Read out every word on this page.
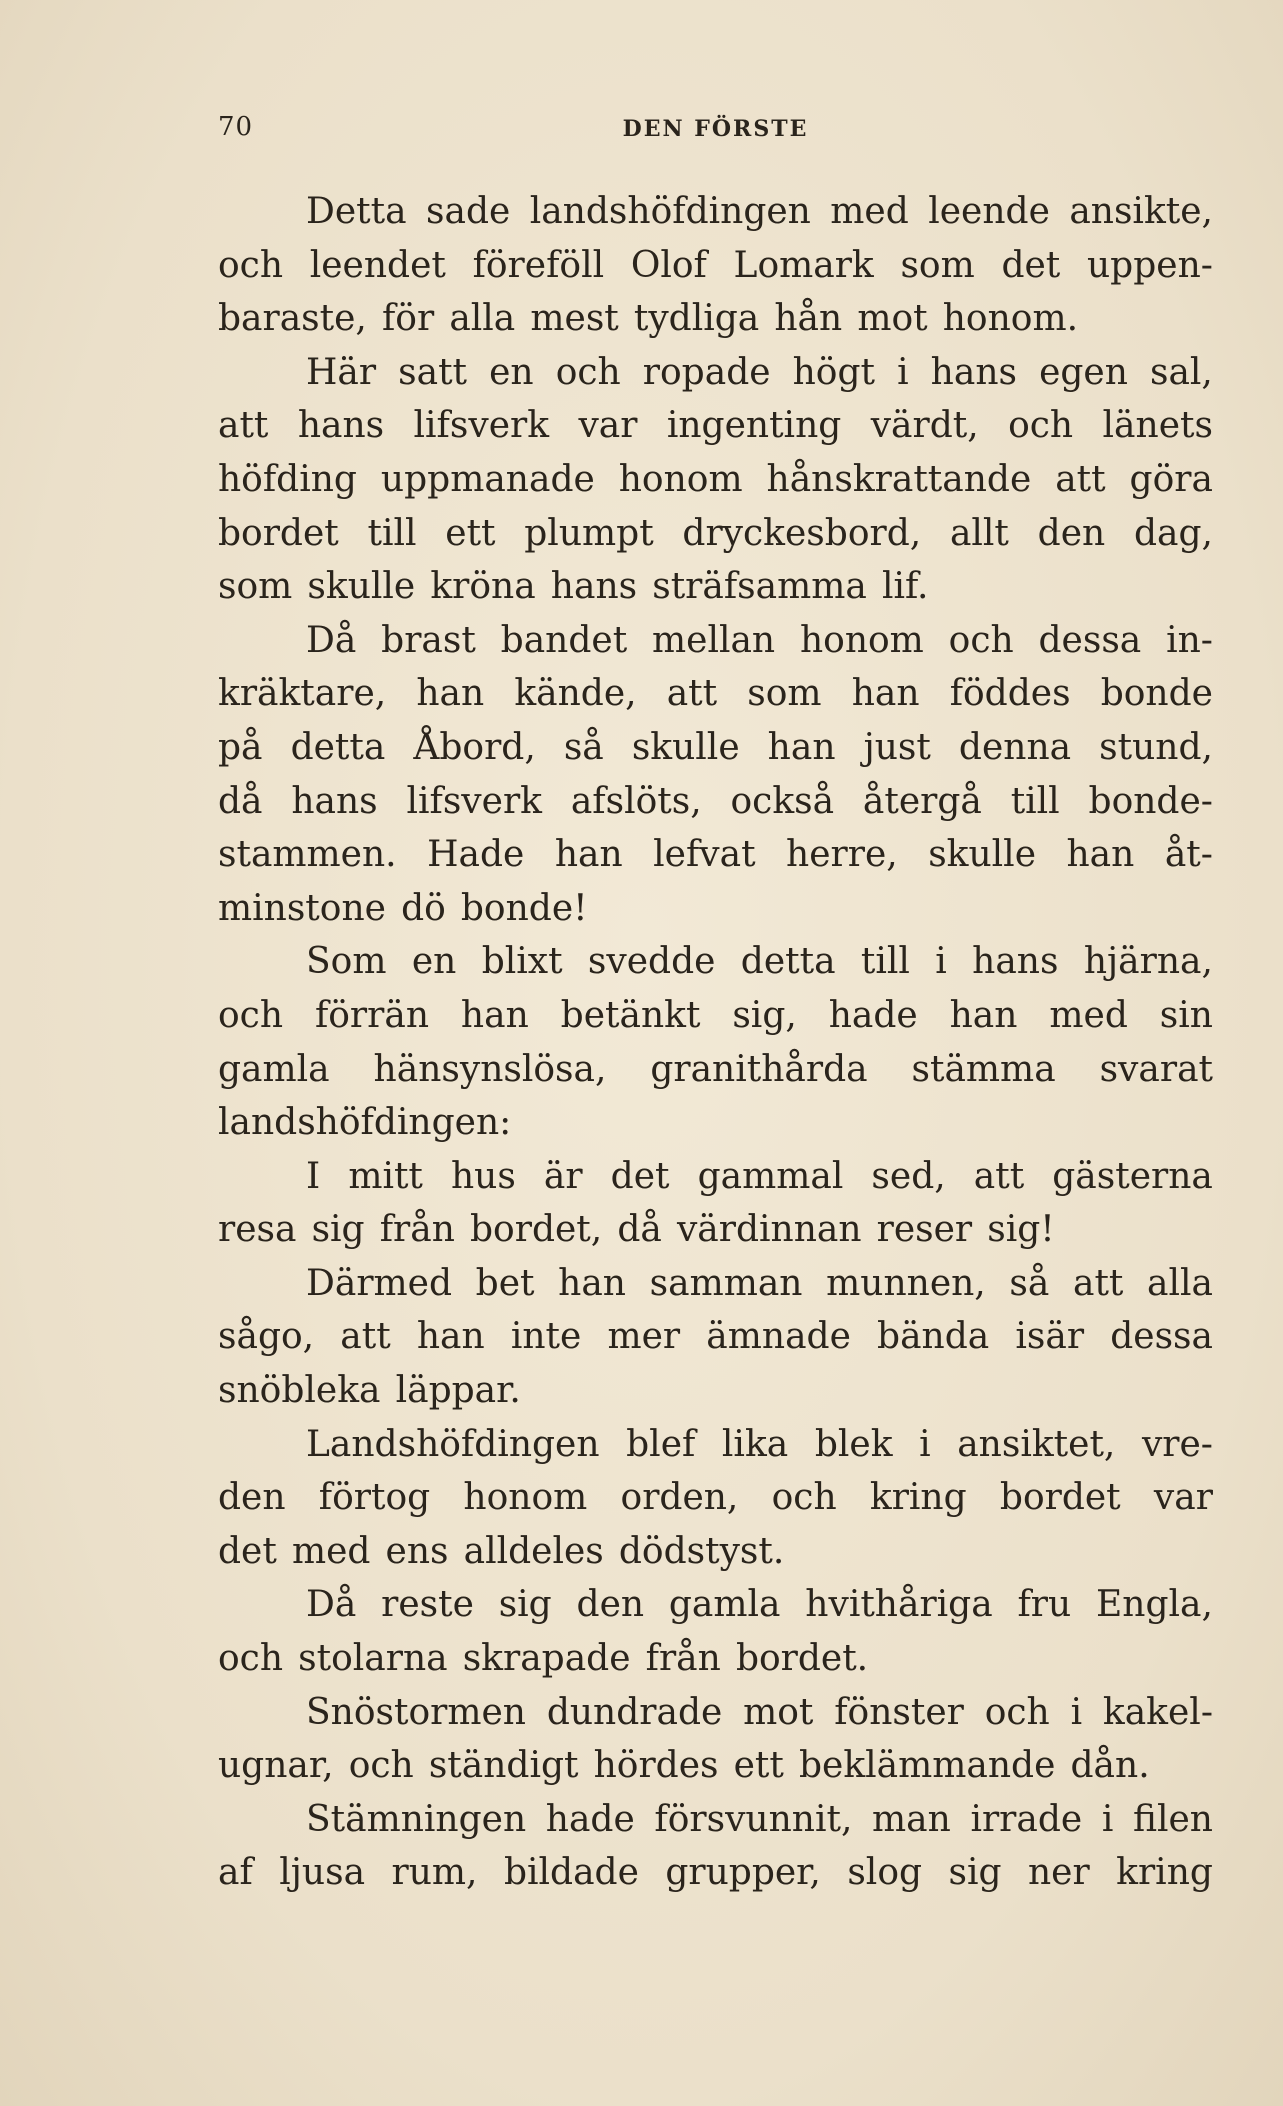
70	DEN FÖRSTE
Detta sade landshöfdingen med leende ansikte,
och leendet föreföll Olof Lomark som det uppen-
baraste, för alla mest tydliga hån mot honom.
Här satt en och ropade högt i hans egen sal,
att hans lifsverk var ingenting värdt, och länets
höfding uppmanade honom hånskrattande att göra
bordet till ett plumpt dryckesbord, allt den dag,
som skulle kröna hans sträfsamma lif.
Då brast bandet mellan honom och dessa in-
kräktare, han kände, att som han föddes bonde
på detta Åbord, så skulle han just denna stund,
då hans lifsverk afslöts, också återgå till bonde-
stammen. Hade han lefvat herre, skulle han åt-
minstone dö bonde!
Som en blixt svedde detta till i hans hjärna,
och förrän han betänkt sig, hade han med sin
gamla hänsynslösa, granithårda stämma svarat
landshöfdingen:
I mitt hus är det gammal sed, att gästerna
resa sig från bordet, då värdinnan reser sig!
Därmed bet han samman munnen, så att alla
sågo, att han inte mer ämnade bända isär dessa
snöbleka läppar.
Landshöfdingen blef lika blek i ansiktet, vre-
den förtog honom orden, och kring bordet var
det med ens alldeles dödstyst.
Då reste sig den gamla hvithåriga fru Engla,
och stolarna skrapade från bordet.
Snöstormen dundrade mot fönster och i kakel-
ugnar, och ständigt hördes ett beklämmande dån.
Stämningen hade försvunnit, man irrade i filen
af ljusa rum, bildade grupper, slog sig ner kring
